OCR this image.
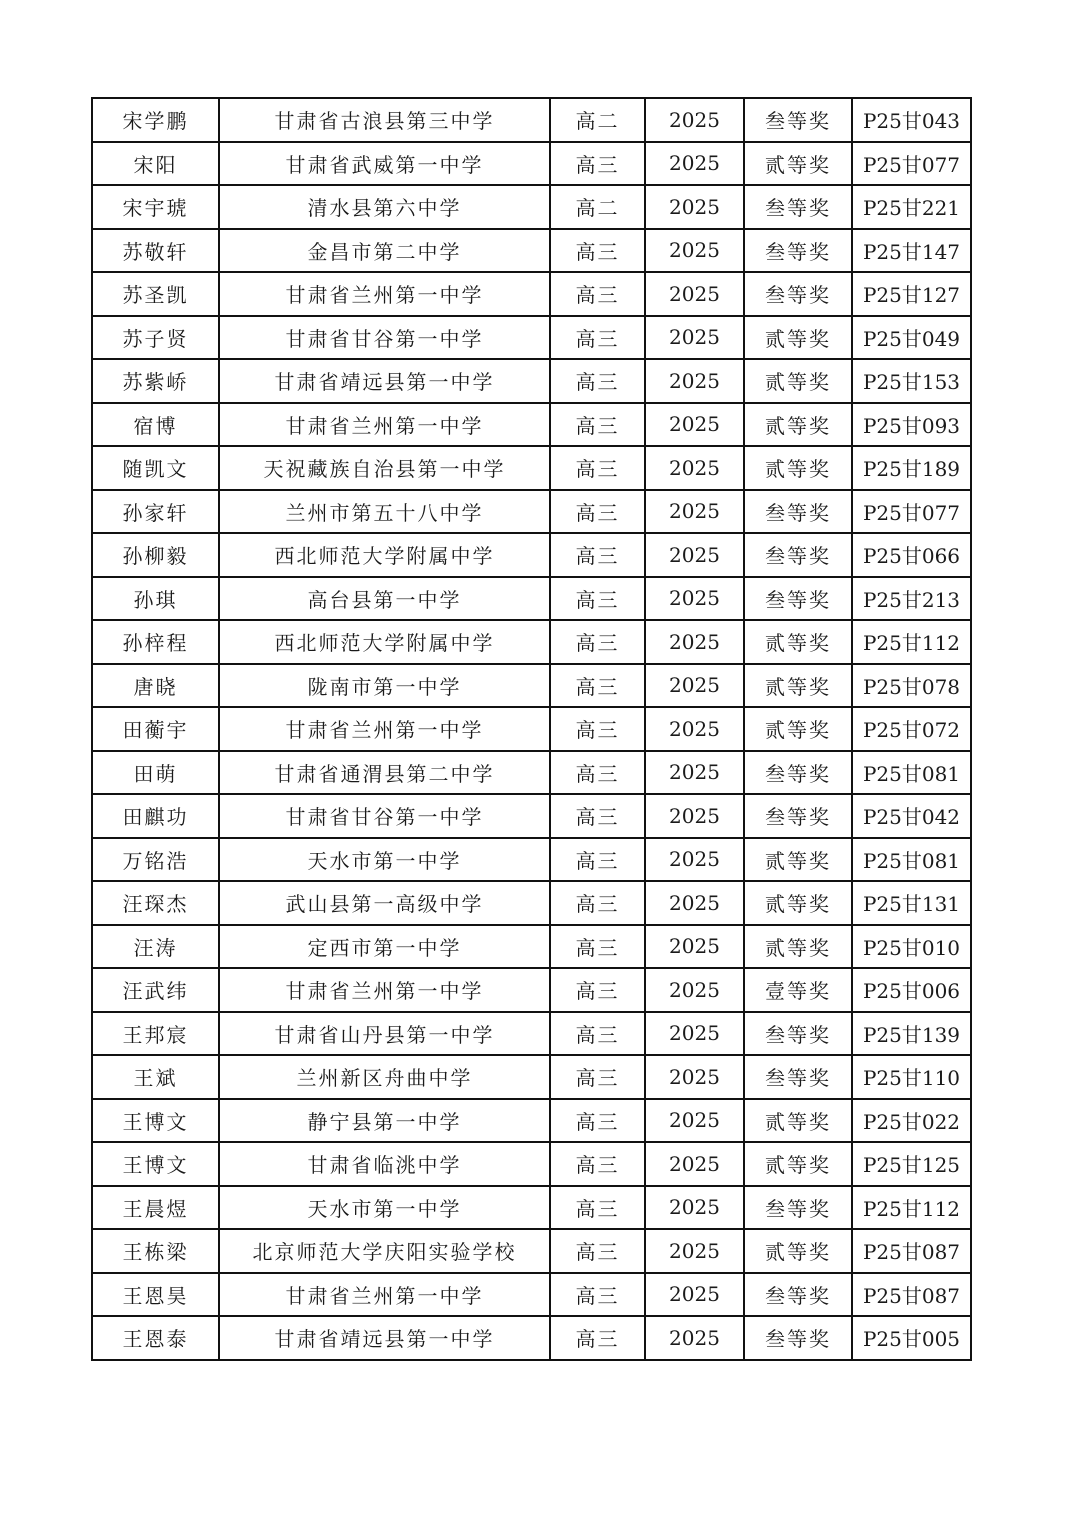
宋学鹏	甘肃省古浪县第三中学	高二	2025	叁等奖	P25甘043
宋阳	甘肃省武威第一中学	高三	2025	贰等奖	P25甘077
宋宇琥	清水县第六中学	高二	2025	叁等奖	P25甘221
苏敬轩	金昌市第二中学	高三	2025	叁等奖	P25甘147
苏圣凯	甘肃省兰州第一中学	高三	2025	叁等奖	P25甘127
苏子贤	甘肃省甘谷第一中学	高三	2025	贰等奖	P25甘049
苏紫峤	甘肃省靖远县第一中学	高三	2025	贰等奖	P25甘153
宿博	甘肃省兰州第一中学	高三	2025	贰等奖	P25甘093
随凯文	天祝藏族自治县第一中学	高三	2025	贰等奖	P25甘189
孙家轩	兰州市第五十八中学	高三	2025	叁等奖	P25甘077
孙柳毅	西北师范大学附属中学	高三	2025	叁等奖	P25甘066
孙琪	高台县第一中学	高三	2025	叁等奖	P25甘213
孙梓程	西北师范大学附属中学	高三	2025	贰等奖	P25甘112
唐晓	陇南市第一中学	高三	2025	贰等奖	P25甘078
田蘅宇	甘肃省兰州第一中学	高三	2025	贰等奖	P25甘072
田萌	甘肃省通渭县第二中学	高三	2025	叁等奖	P25甘081
田麒功	甘肃省甘谷第一中学	高三	2025	叁等奖	P25甘042
万铭浩	天水市第一中学	高三	2025	贰等奖	P25甘081
汪琛杰	武山县第一高级中学	高三	2025	贰等奖	P25甘131
汪涛	定西市第一中学	高三	2025	贰等奖	P25甘010
汪武纬	甘肃省兰州第一中学	高三	2025	壹等奖	P25甘006
王邦宸	甘肃省山丹县第一中学	高三	2025	叁等奖	P25甘139
王斌	兰州新区舟曲中学	高三	2025	叁等奖	P25甘110
王博文	静宁县第一中学	高三	2025	贰等奖	P25甘022
王博文	甘肃省临洮中学	高三	2025	贰等奖	P25甘125
王晨煜	天水市第一中学	高三	2025	叁等奖	P25甘112
王栋梁	北京师范大学庆阳实验学校	高三	2025	贰等奖	P25甘087
王恩昊	甘肃省兰州第一中学	高三	2025	叁等奖	P25甘087
王恩泰	甘肃省靖远县第一中学	高三	2025	叁等奖	P25甘005
